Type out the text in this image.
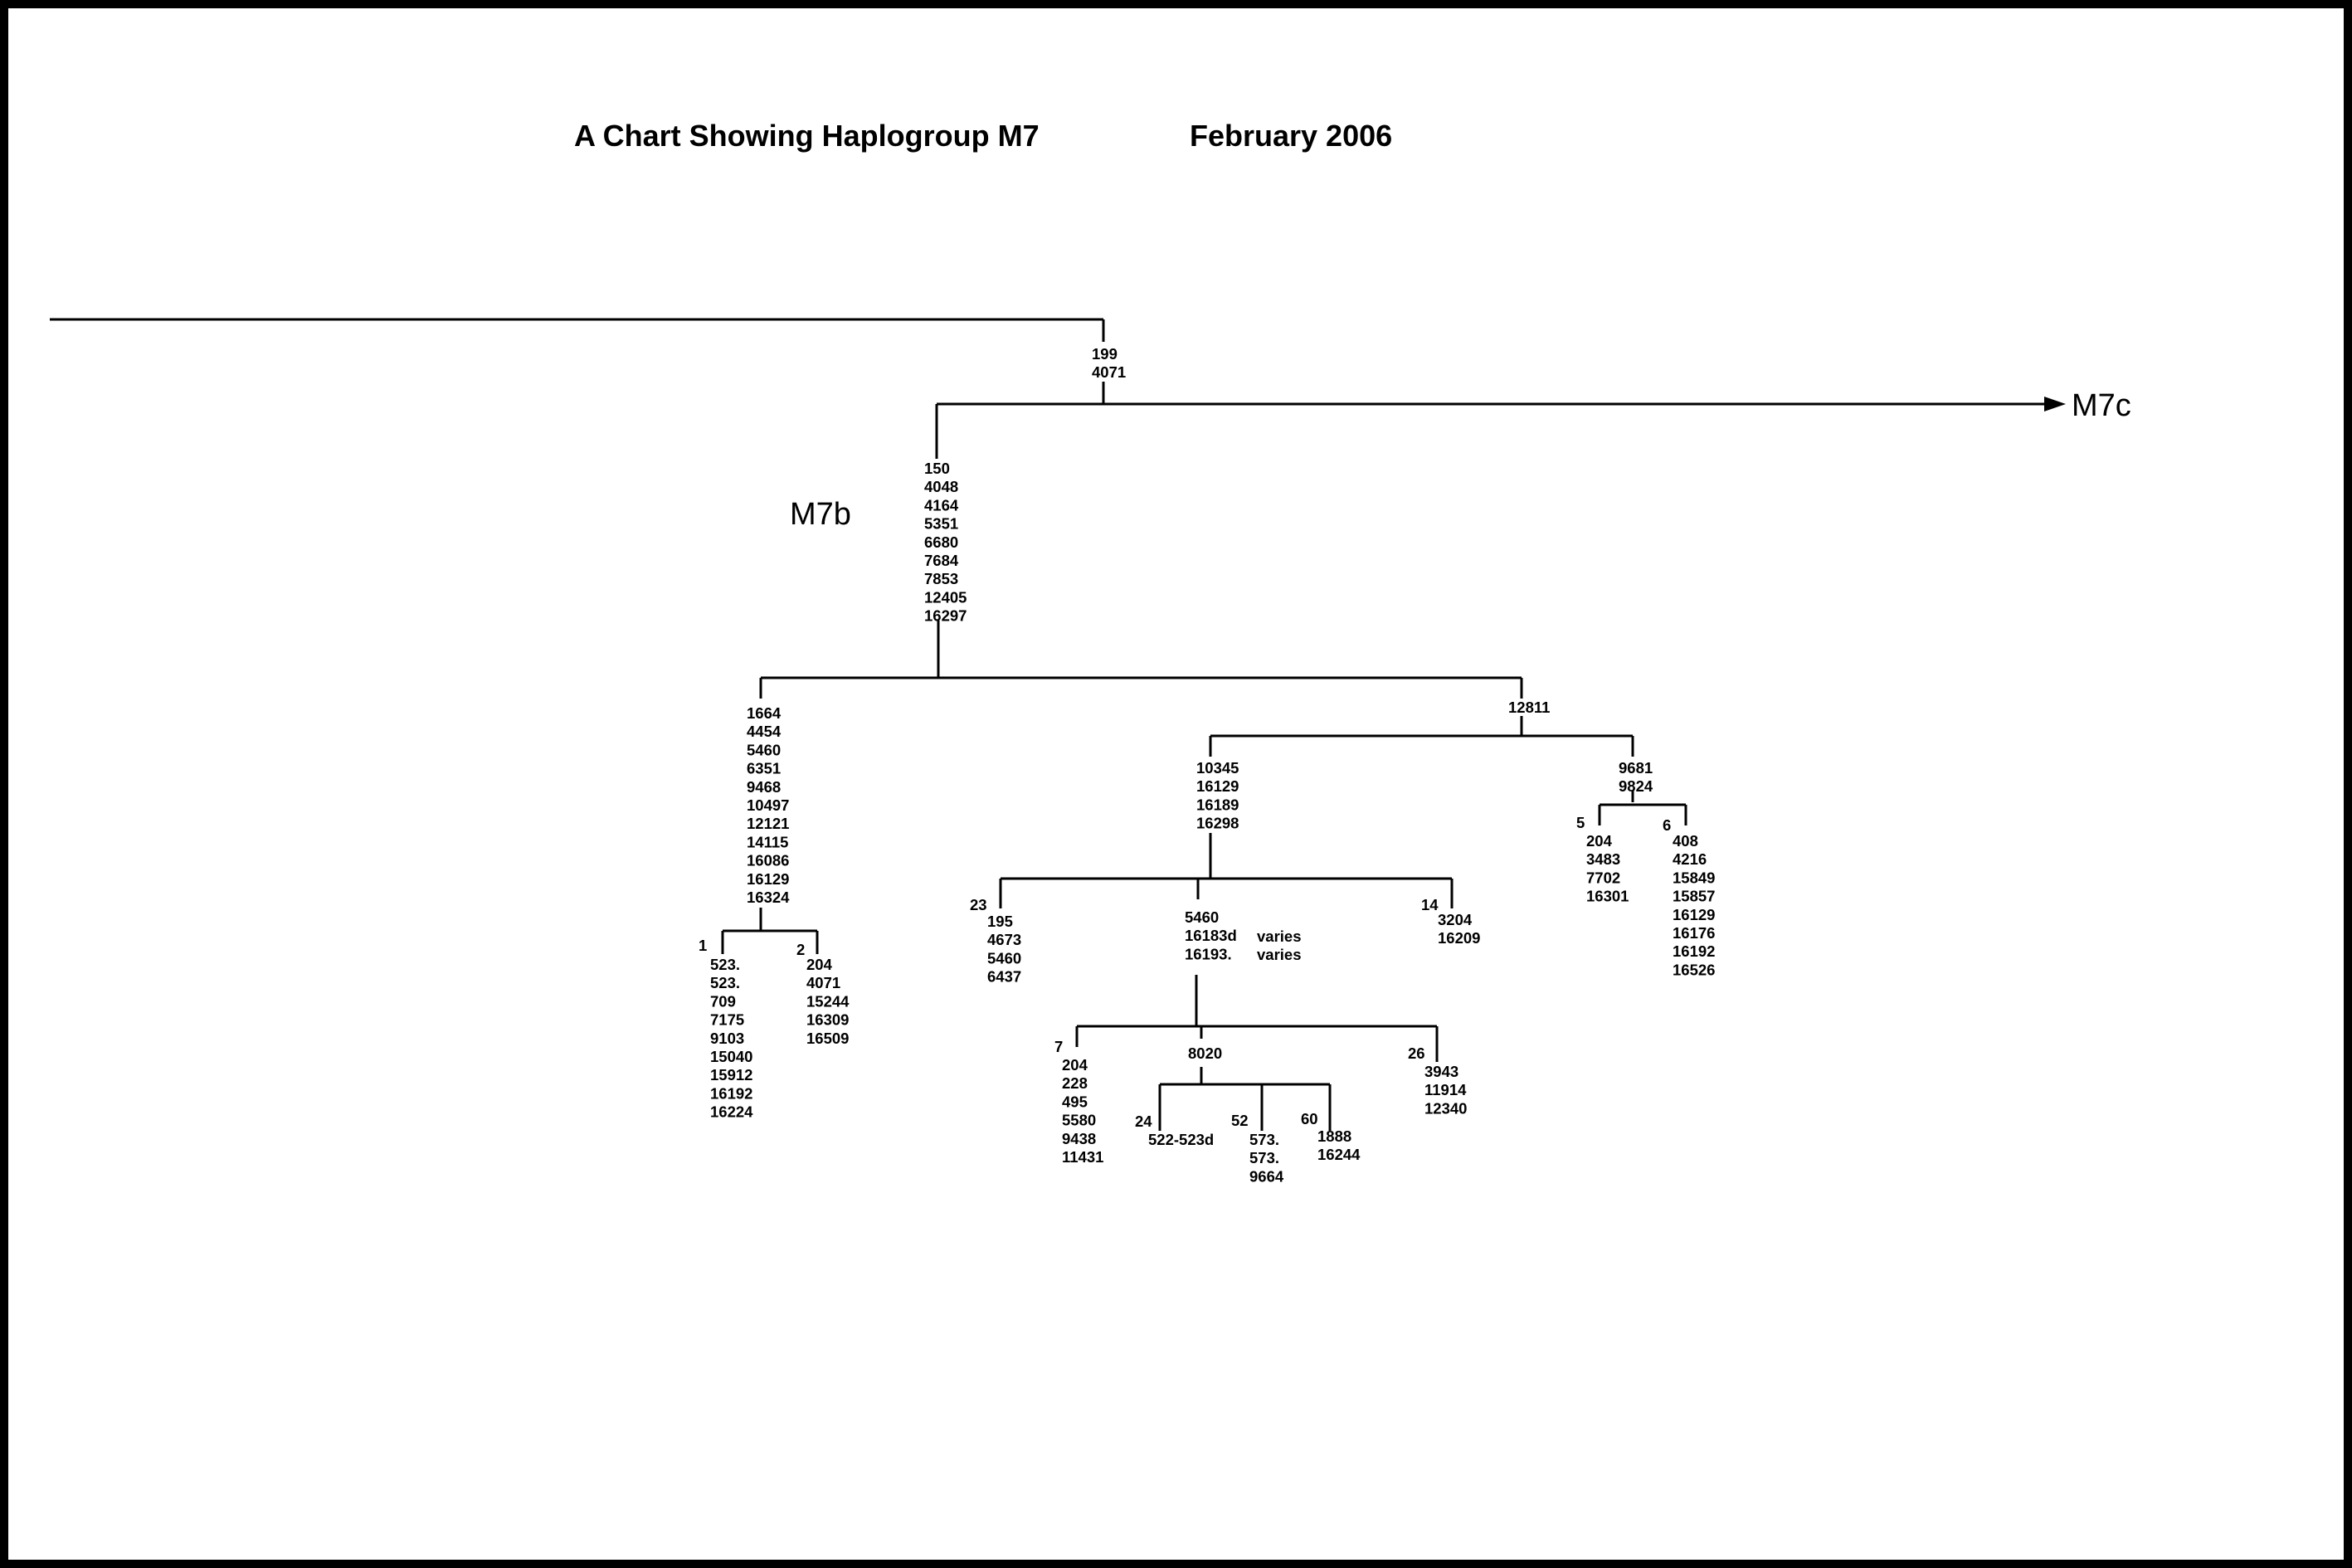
A Chart Showing Haplogroup M7	February 2006
M7c
M7b
199
4071
150
4048
4164
5351
6680
7684
7853
12405
16297
1664
4454
5460
6351
9468
10497
12121
14115
16086
16129
16324
12811
10345
16129
16189
16298
9681
9824
5460
16183d
16193.
varies
varies
8020
1
523.
523.
709
7175
9103
15040
15912
16192
16224
2
204
4071
15244
16309
16509
23
195
4673
5460
6437
14
3204
16209
5
204
3483
7702
16301
6
408
4216
15849
15857
16129
16176
16192
16526
7
204
228
495
5580
9438
11431
26
3943
11914
12340
24
522-523d
52
573.
573.
9664
60
1888
16244
